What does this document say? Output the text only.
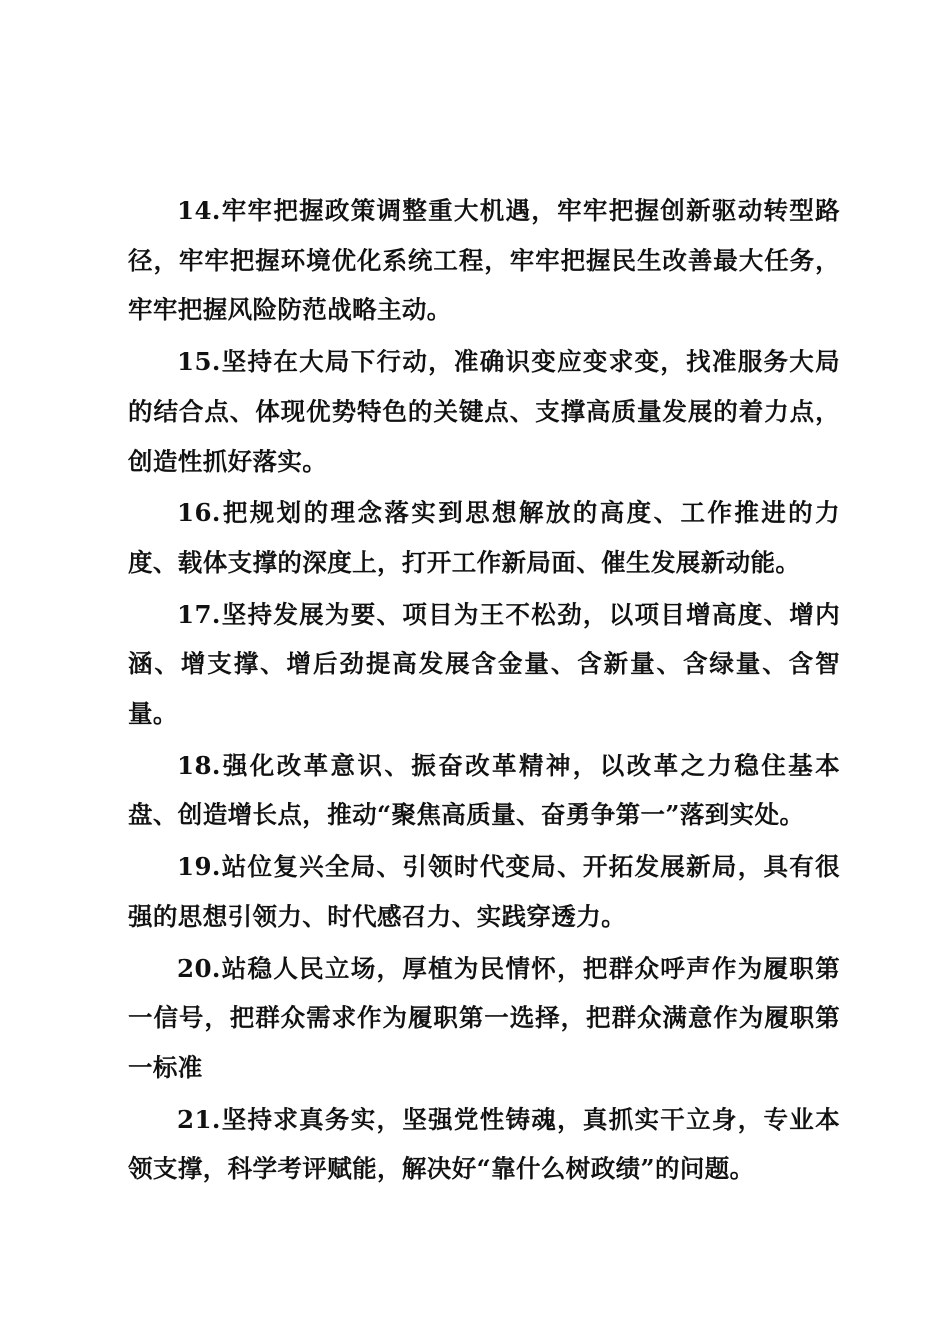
14.牢牢把握政策调整重大机遇，牢牢把握创新驱动转型路径，牢牢把握环境优化系统工程，牢牢把握民生改善最大任务，牢牢把握风险防范战略主动。

15.坚持在大局下行动，准确识变应变求变，找准服务大局的结合点、体现优势特色的关键点、支撑高质量发展的着力点，创造性抓好落实。

16.把规划的理念落实到思想解放的高度、工作推进的力度、载体支撑的深度上，打开工作新局面、催生发展新动能。

17.坚持发展为要、项目为王不松劲，以项目增高度、增内涵、增支撑、增后劲提高发展含金量、含新量、含绿量、含智量。

18.强化改革意识、振奋改革精神，以改革之力稳住基本盘、创造增长点，推动“聚焦高质量、奋勇争第一”落到实处。

19.站位复兴全局、引领时代变局、开拓发展新局，具有很强的思想引领力、时代感召力、实践穿透力。

20.站稳人民立场，厚植为民情怀，把群众呼声作为履职第一信号，把群众需求作为履职第一选择，把群众满意作为履职第一标准

21.坚持求真务实，坚强党性铸魂，真抓实干立身，专业本领支撑，科学考评赋能，解决好“靠什么树政绩”的问题。
